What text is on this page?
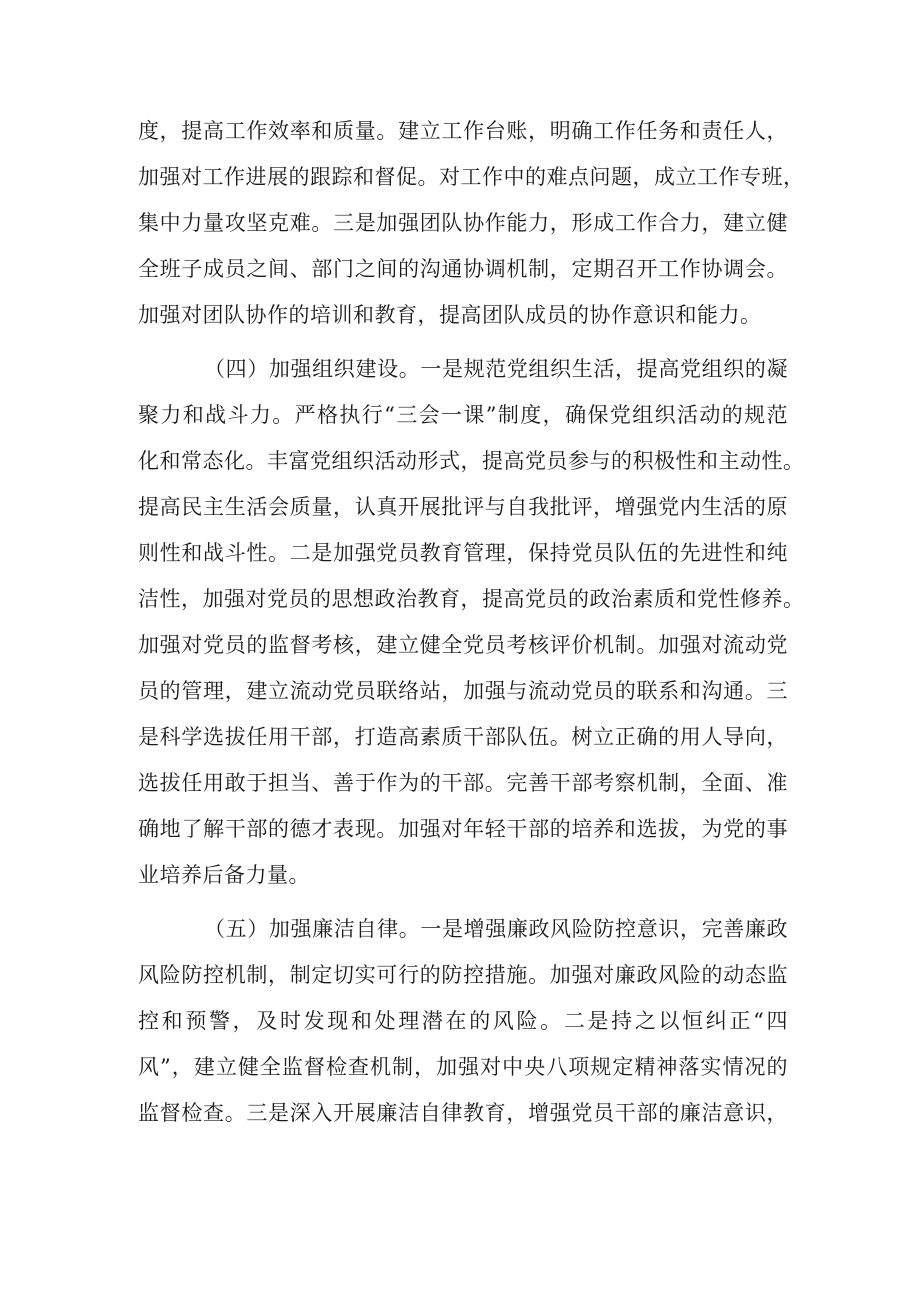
度，提高工作效率和质量。建立工作台账，明确工作任务和责任人，
加强对工作进展的跟踪和督促。对工作中的难点问题，成立工作专班，
集中力量攻坚克难。三是加强团队协作能力，形成工作合力，建立健
全班子成员之间、部门之间的沟通协调机制，定期召开工作协调会。
加强对团队协作的培训和教育，提高团队成员的协作意识和能力。
（四）加强组织建设。一是规范党组织生活，提高党组织的凝
聚力和战斗力。严格执行“三会一课”制度，确保党组织活动的规范
化和常态化。丰富党组织活动形式，提高党员参与的积极性和主动性。
提高民主生活会质量，认真开展批评与自我批评，增强党内生活的原
则性和战斗性。二是加强党员教育管理，保持党员队伍的先进性和纯
洁性，加强对党员的思想政治教育，提高党员的政治素质和党性修养。
加强对党员的监督考核，建立健全党员考核评价机制。加强对流动党
员的管理，建立流动党员联络站，加强与流动党员的联系和沟通。三
是科学选拔任用干部，打造高素质干部队伍。树立正确的用人导向，
选拔任用敢于担当、善于作为的干部。完善干部考察机制，全面、准
确地了解干部的德才表现。加强对年轻干部的培养和选拔，为党的事
业培养后备力量。
（五）加强廉洁自律。一是增强廉政风险防控意识，完善廉政
风险防控机制，制定切实可行的防控措施。加强对廉政风险的动态监
控和预警，及时发现和处理潜在的风险。二是持之以恒纠正“四
风”，建立健全监督检查机制，加强对中央八项规定精神落实情况的
监督检查。三是深入开展廉洁自律教育，增强党员干部的廉洁意识，
